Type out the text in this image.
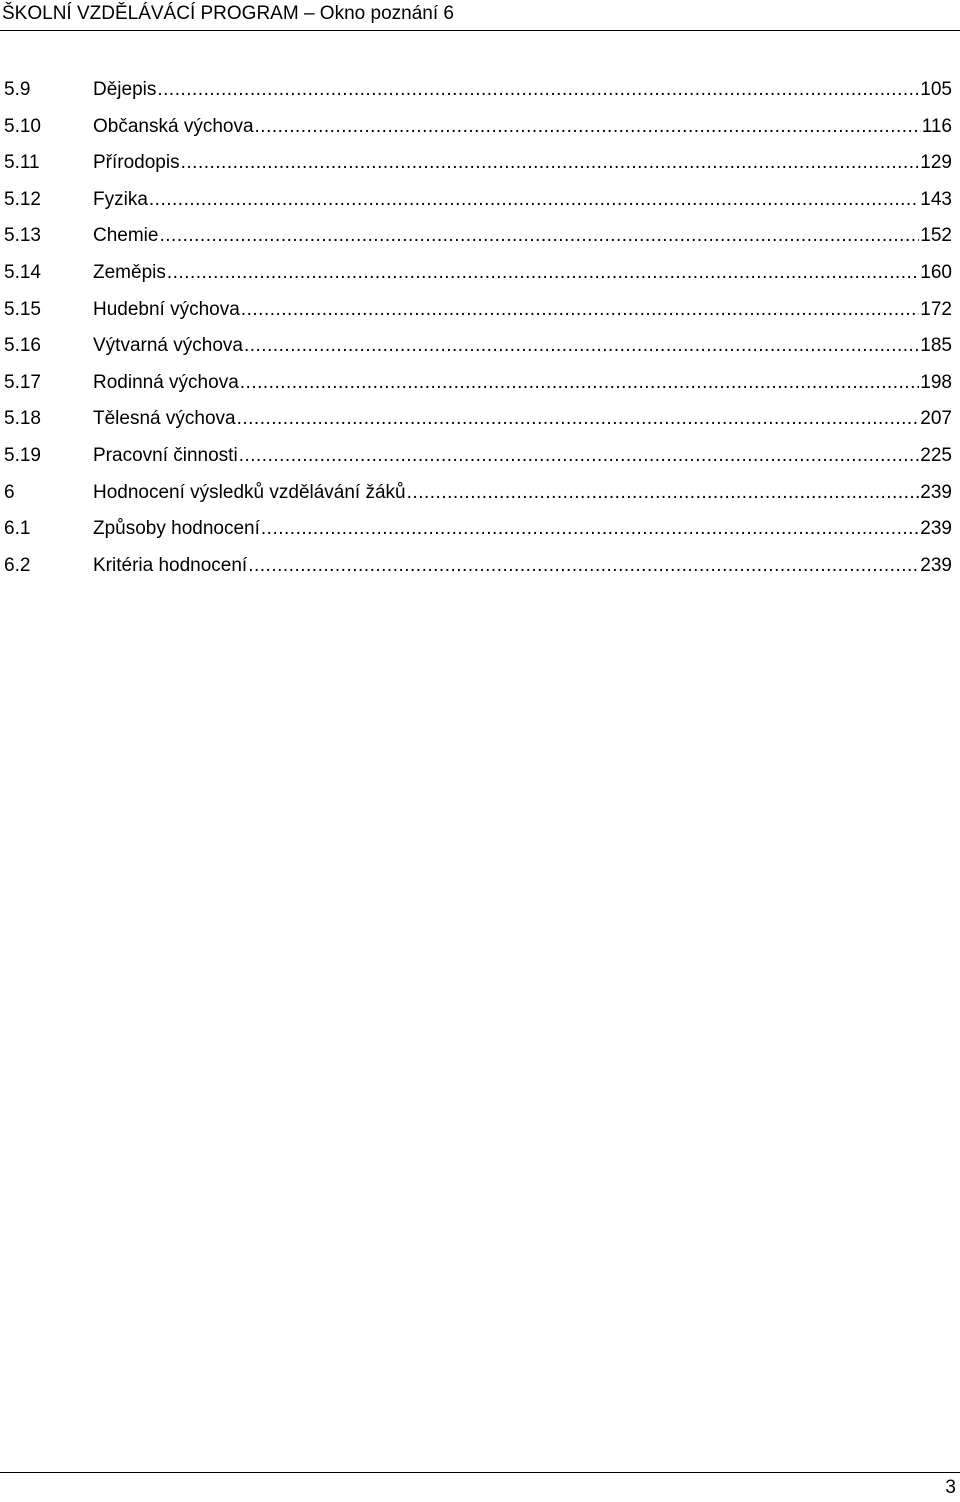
ŠKOLNÍ VZDĚLÁVÁCÍ PROGRAM – Okno poznání 6
5.9	Dějepis .....	105
5.10	Občanská výchova .....	116
5.11	Přírodopis .....	129
5.12	Fyzika .....	143
5.13	Chemie .....	152
5.14	Zeměpis .....	160
5.15	Hudební výchova .....	172
5.16	Výtvarná výchova .....	185
5.17	Rodinná výchova .....	198
5.18	Tělesná výchova .....	207
5.19	Pracovní činnosti .....	225
6	Hodnocení výsledků vzdělávání žáků .....	239
6.1	Způsoby hodnocení .....	239
6.2	Kritéria hodnocení .....	239
3
